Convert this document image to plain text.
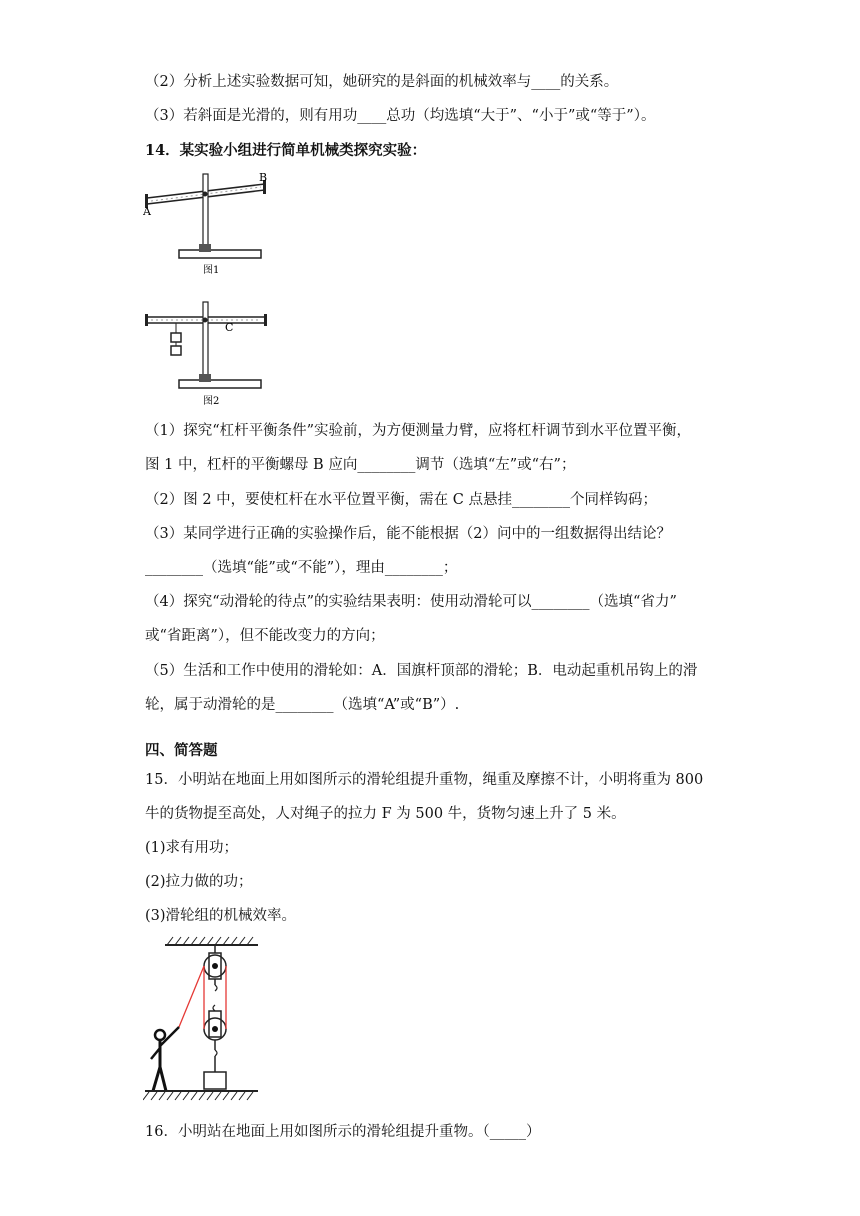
（2）分析上述实验数据可知，她研究的是斜面的机械效率与____的关系。
（3）若斜面是光滑的，则有用功____总功（均选填“大于”、“小于”或“等于”）。
14．某实验小组进行简单机械类探究实验：
A
B
图1
C
图2
（1）探究“杠杆平衡条件”实验前，为方便测量力臂，应将杠杆调节到水平位置平衡，
图 1 中，杠杆的平衡螺母 B 应向________调节（选填“左”或“右”；
（2）图 2 中，要使杠杆在水平位置平衡，需在 C 点悬挂________个同样钩码；
（3）某同学进行正确的实验操作后，能不能根据（2）问中的一组数据得出结论？
________（选填“能”或“不能”），理由________；
（4）探究“动滑轮的待点”的实验结果表明：使用动滑轮可以________（选填“省力”
或“省距离”），但不能改变力的方向；
（5）生活和工作中使用的滑轮如：A．国旗杆顶部的滑轮；B．电动起重机吊钩上的滑
轮，属于动滑轮的是________（选填“A”或“B”）.
四、简答题
15．小明站在地面上用如图所示的滑轮组提升重物，绳重及摩擦不计，小明将重为 800
牛的货物提至高处，人对绳子的拉力 F 为 500 牛，货物匀速上升了 5 米。
(1)求有用功；
(2)拉力做的功；
(3)滑轮组的机械效率。
16．小明站在地面上用如图所示的滑轮组提升重物。（_____）
